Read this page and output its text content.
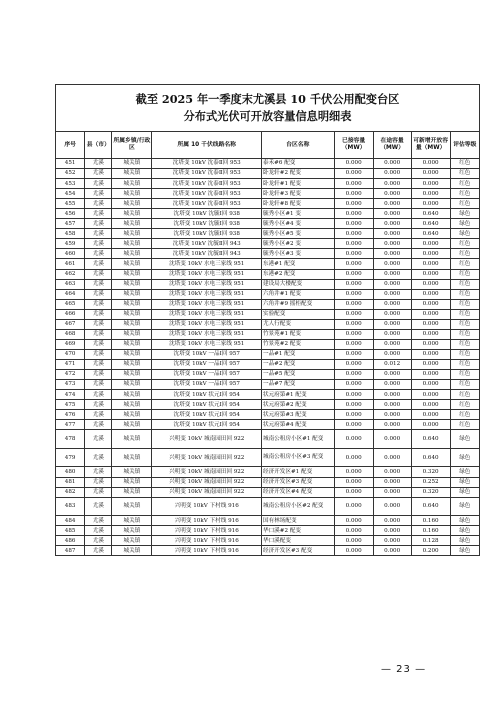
截至 2025 年一季度末尤溪县 10 千伏公用配变台区
分布式光伏可开放容量信息明细表								

序号	县（市）	所属乡镇/行政区	所属 10 千伏线路名称	台区名称	已接容量（MW）	在途容量（MW）	可新增开放容量（MW）	评估等级
451	尤溪	城关镇	沈塔变 10kV 沈泰Ⅱ回 953	泰禾#6 配变	0.000	0.000	0.000	红色
452	尤溪	城关镇	沈塔变 10kV 沈泰Ⅱ回 953	卧龙轩#2 配变	0.000	0.000	0.000	红色
453	尤溪	城关镇	沈塔变 10kV 沈泰Ⅱ回 953	卧龙轩#1 配变	0.000	0.000	0.000	红色
454	尤溪	城关镇	沈塔变 10kV 沈泰Ⅱ回 953	卧龙轩#3 配变	0.000	0.000	0.000	红色
455	尤溪	城关镇	沈塔变 10kV 沈泰Ⅱ回 953	卧龙轩#8 配变	0.000	0.000	0.000	红色
456	尤溪	城关镇	沈塔变 10kV 沈毓Ⅰ回 938	毓秀小区#1 变	0.000	0.000	0.640	绿色
457	尤溪	城关镇	沈塔变 10kV 沈毓Ⅰ回 938	毓秀小区#4 变	0.000	0.000	0.640	绿色
458	尤溪	城关镇	沈塔变 10kV 沈毓Ⅰ回 938	毓秀小区#5 变	0.000	0.000	0.640	绿色
459	尤溪	城关镇	沈塔变 10kV 沈毓Ⅱ回 943	毓秀小区#2 变	0.000	0.000	0.000	红色
460	尤溪	城关镇	沈塔变 10kV 沈毓Ⅱ回 943	毓秀小区#3 变	0.000	0.000	0.000	红色
461	尤溪	城关镇	沈塔变 10kV 水电三家线 951	东港#1 配变	0.000	0.000	0.000	红色
462	尤溪	城关镇	沈塔变 10kV 水电三家线 951	东港#2 配变	0.000	0.000	0.000	红色
463	尤溪	城关镇	沈塔变 10kV 水电三家线 951	建设局大楼配变	0.000	0.000	0.000	红色
464	尤溪	城关镇	沈塔变 10kV 水电三家线 951	六角井#1 配变	0.000	0.000	0.000	红色
465	尤溪	城关镇	沈塔变 10kV 水电三家线 951	六角井#9 摇柜配变	0.000	0.000	0.000	红色
466	尤溪	城关镇	沈塔变 10kV 水电三家线 951	实验配变	0.000	0.000	0.000	红色
467	尤溪	城关镇	沈塔变 10kV 水电三家线 951	尤人行配变	0.000	0.000	0.000	红色
468	尤溪	城关镇	沈塔变 10kV 水电三家线 951	竹景苑#1 配变	0.000	0.000	0.000	红色
469	尤溪	城关镇	沈塔变 10kV 水电三家线 951	竹景苑#2 配变	0.000	0.000	0.000	红色
470	尤溪	城关镇	沈塔变 10kV 一品Ⅰ回 957	一品#1 配变	0.000	0.000	0.000	红色
471	尤溪	城关镇	沈塔变 10kV 一品Ⅰ回 957	一品#2 配变	0.000	0.012	0.000	红色
472	尤溪	城关镇	沈塔变 10kV 一品Ⅰ回 957	一品#5 配变	0.000	0.000	0.000	红色
473	尤溪	城关镇	沈塔变 10kV 一品Ⅰ回 957	一品#7 配变	0.000	0.000	0.000	红色
474	尤溪	城关镇	沈塔变 10kV 状元Ⅰ回 954	状元府第#1 配变	0.000	0.000	0.000	红色
475	尤溪	城关镇	沈塔变 10kV 状元Ⅰ回 954	状元府第#2 配变	0.000	0.000	0.000	红色
476	尤溪	城关镇	沈塔变 10kV 状元Ⅰ回 954	状元府第#3 配变	0.000	0.000	0.000	红色
477	尤溪	城关镇	沈塔变 10kV 状元Ⅰ回 954	状元府第#4 配变	0.000	0.000	0.000	红色
478	尤溪	城关镇	兴明变 10kV 城南园田回 922	城南公租房小区#1 配变	0.000	0.000	0.640	绿色
479	尤溪	城关镇	兴明变 10kV 城南园田回 922	城南公租房小区#3 配变	0.000	0.000	0.640	绿色
480	尤溪	城关镇	兴明变 10kV 城南园田回 922	经济开发区#1 配变	0.000	0.000	0.320	绿色
481	尤溪	城关镇	兴明变 10kV 城南园田回 922	经济开发区#3 配变	0.000	0.000	0.252	绿色
482	尤溪	城关镇	兴明变 10kV 城南园田回 922	经济开发区#4 配变	0.000	0.000	0.320	绿色
483	尤溪	城关镇	兴明变 10kV 下村线 916	城南公租房小区#2 配变	0.000	0.000	0.640	绿色
484	尤溪	城关镇	兴明变 10kV 下村线 916	国有林场配变	0.000	0.000	0.160	绿色
485	尤溪	城关镇	兴明变 10kV 下村线 916	华口溪#2 配变	0.000	0.000	0.160	绿色
486	尤溪	城关镇	兴明变 10kV 下村线 916	华口溪配变	0.000	0.000	0.128	绿色
487	尤溪	城关镇	兴明变 10kV 下村线 916	经济开发区#3 配变	0.000	0.000	0.200	绿色
— 23 —
